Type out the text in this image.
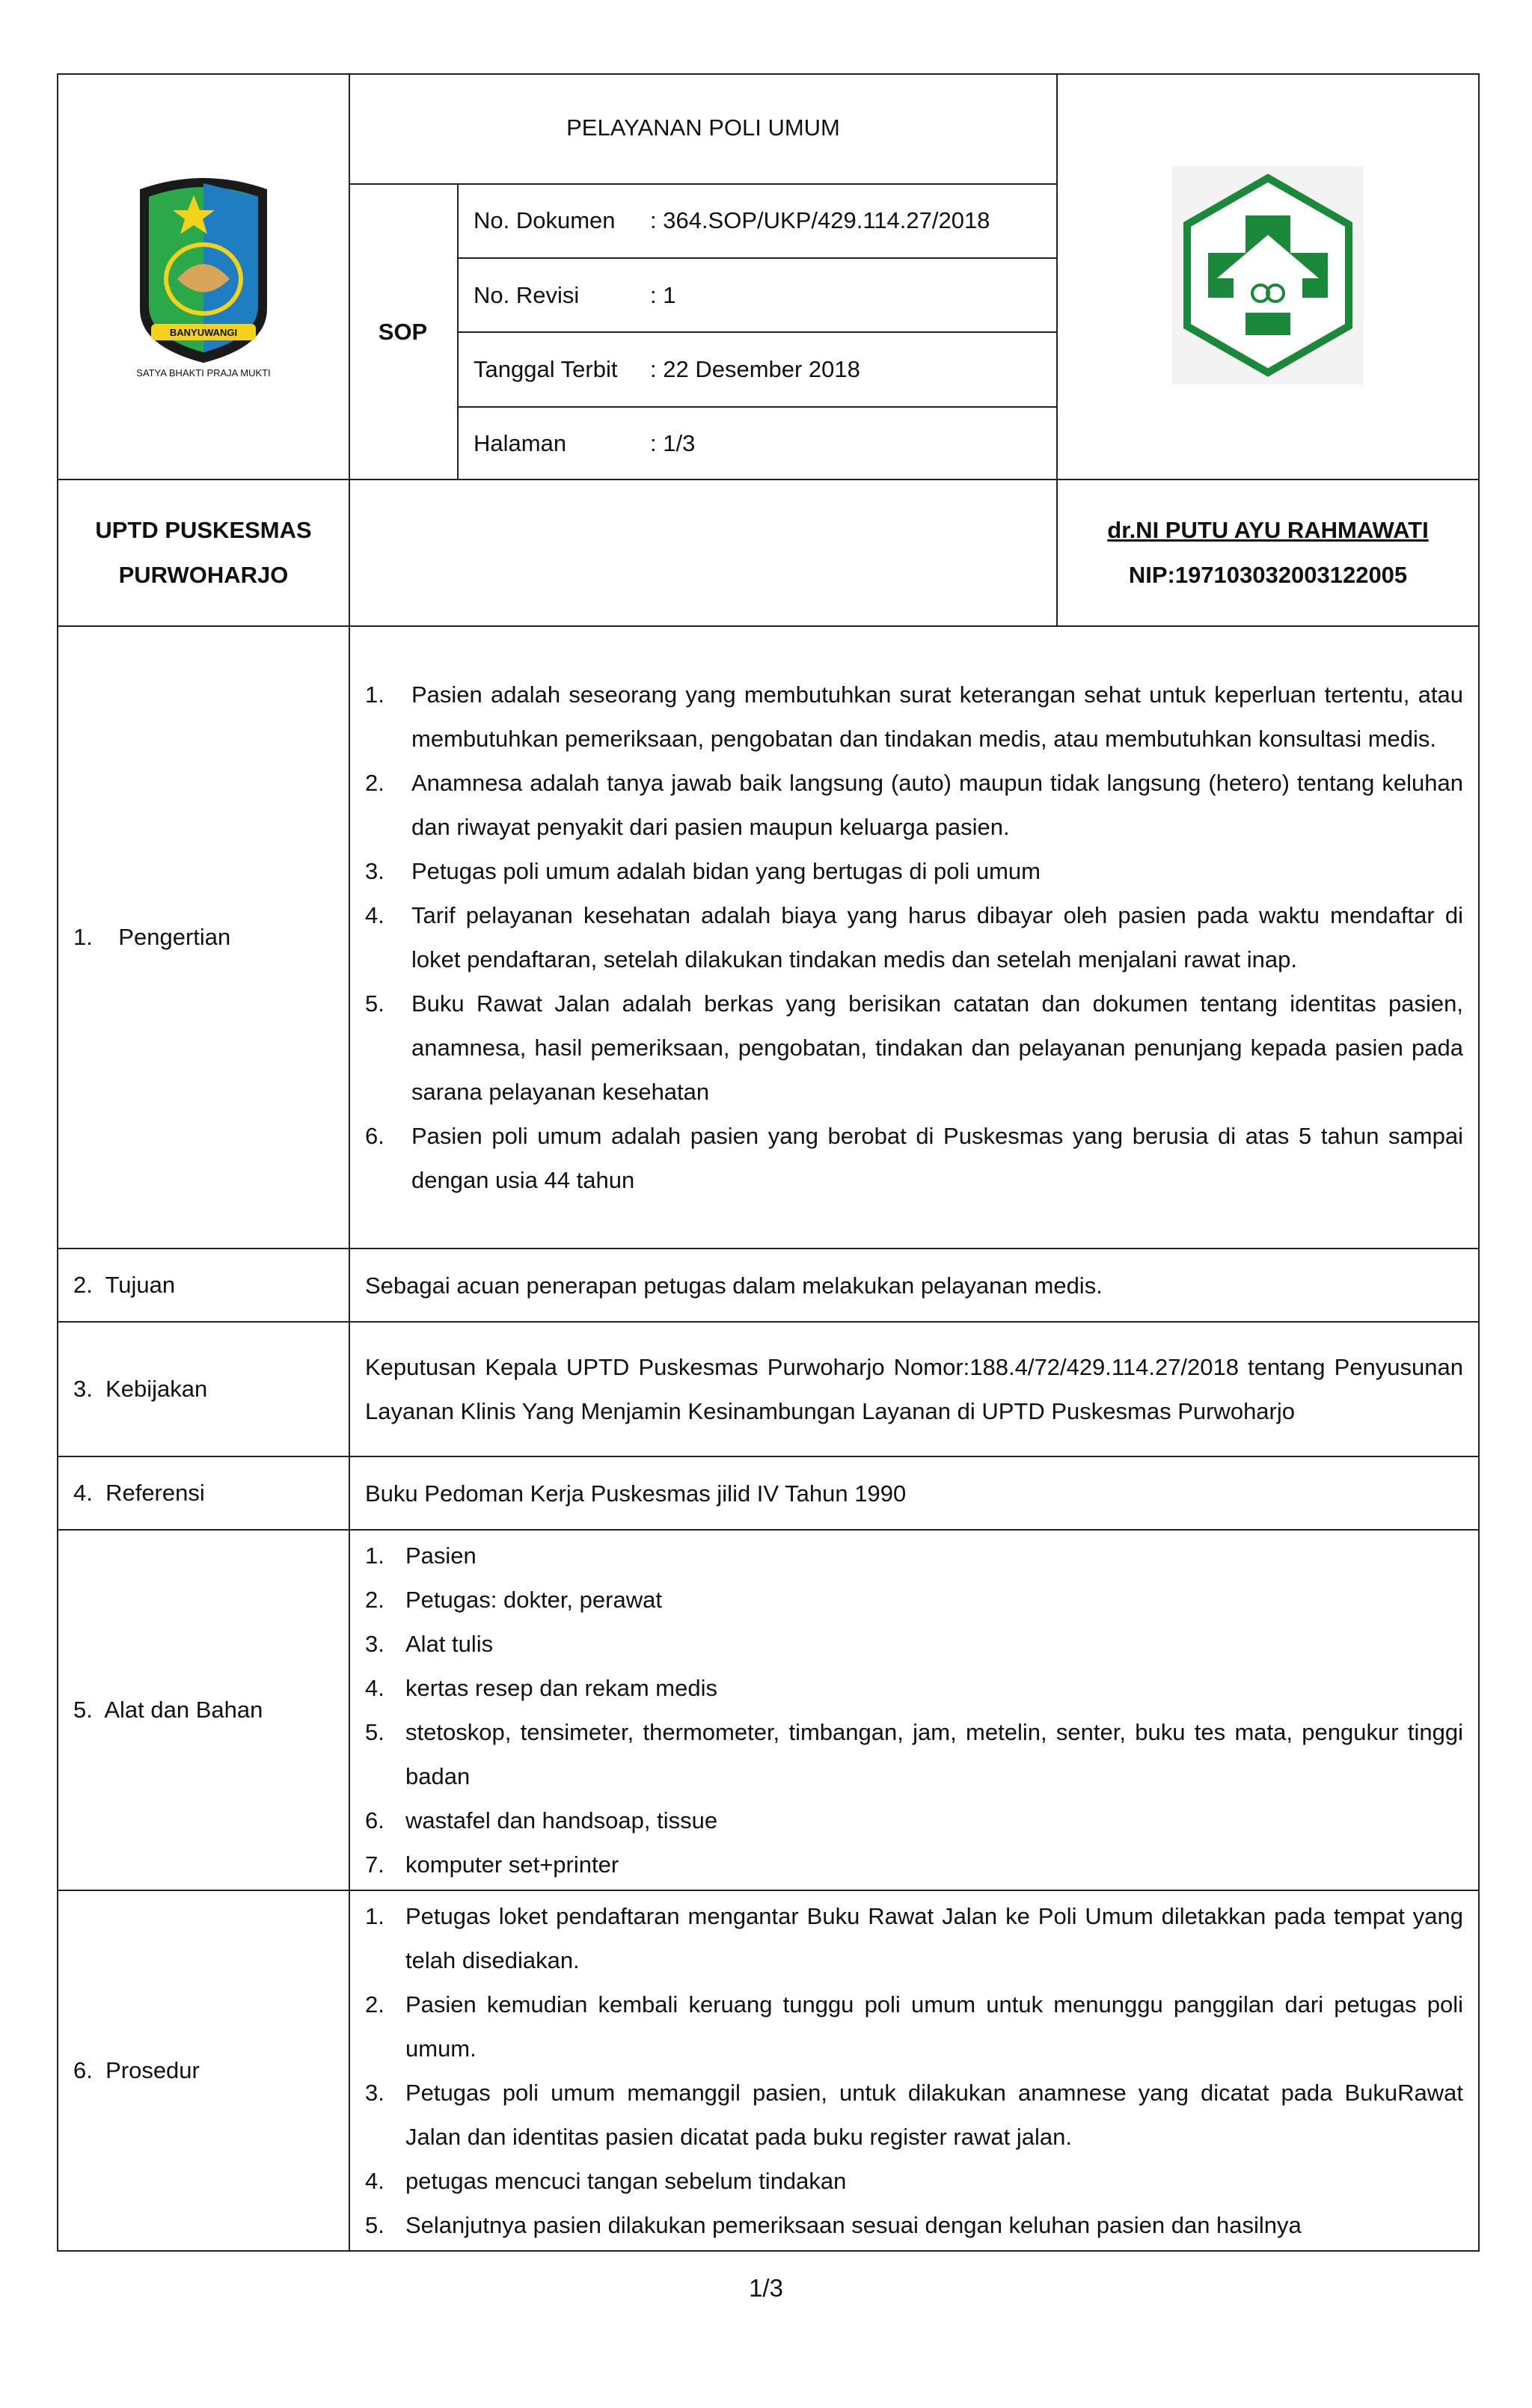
BANYUWANGI
SATYA BHAKTI PRAJA MUKTI

PELAYANAN POLI UMUM
SOP	No. Dokumen : 364.SOP/UKP/429.114.27/2018
No. Revisi	: 1
Tanggal Terbit : 22 Desember 2018
Halaman	: 1/3

UPTD PUSKESMAS
PURWOHARJO

dr.NI PUTU AYU RAHMAWATI
NIP:197103032003122005

1.    Pengertian	
1. Pasien adalah seseorang yang membutuhkan surat keterangan sehat untuk keperluan tertentu, atau membutuhkan pemeriksaan, pengobatan dan tindakan medis, atau membutuhkan konsultasi medis.
2. Anamnesa adalah tanya jawab baik langsung (auto) maupun tidak langsung (hetero) tentang keluhan dan riwayat penyakit dari pasien maupun keluarga pasien.
3. Petugas poli umum adalah bidan yang bertugas di poli umum
4. Tarif pelayanan kesehatan adalah biaya yang harus dibayar oleh pasien pada waktu mendaftar di loket pendaftaran, setelah dilakukan tindakan medis dan setelah menjalani rawat inap.
5. Buku Rawat Jalan adalah berkas yang berisikan catatan dan dokumen tentang identitas pasien, anamnesa, hasil pemeriksaan, pengobatan, tindakan dan pelayanan penunjang kepada pasien pada sarana pelayanan kesehatan
6. Pasien poli umum adalah pasien yang berobat di Puskesmas yang berusia di atas 5 tahun sampai dengan usia 44 tahun

2.  Tujuan	Sebagai acuan penerapan petugas dalam melakukan pelayanan medis.
3.  Kebijakan	Keputusan Kepala UPTD Puskesmas Purwoharjo Nomor:188.4/72/429.114.27/2018 tentang Penyusunan Layanan Klinis Yang Menjamin Kesinambungan Layanan di UPTD Puskesmas Purwoharjo
4.  Referensi	Buku Pedoman Kerja Puskesmas jilid IV Tahun 1990
5.  Alat dan Bahan	
1. Pasien
2. Petugas: dokter, perawat
3. Alat tulis
4. kertas resep dan rekam medis
5. stetoskop, tensimeter, thermometer, timbangan, jam, metelin, senter, buku tes mata, pengukur tinggi badan
6. wastafel dan handsoap, tissue
7. komputer set+printer

6.  Prosedur	
1. Petugas loket pendaftaran mengantar Buku Rawat Jalan ke Poli Umum diletakkan pada tempat yang telah disediakan.
2. Pasien kemudian kembali keruang tunggu poli umum untuk menunggu panggilan dari petugas poli umum.
3. Petugas poli umum memanggil pasien, untuk dilakukan anamnese yang dicatat pada BukuRawat Jalan dan identitas pasien dicatat pada buku register rawat jalan.
4. petugas mencuci tangan sebelum tindakan
5. Selanjutnya pasien dilakukan pemeriksaan sesuai dengan keluhan pasien dan hasilnya
1/3
